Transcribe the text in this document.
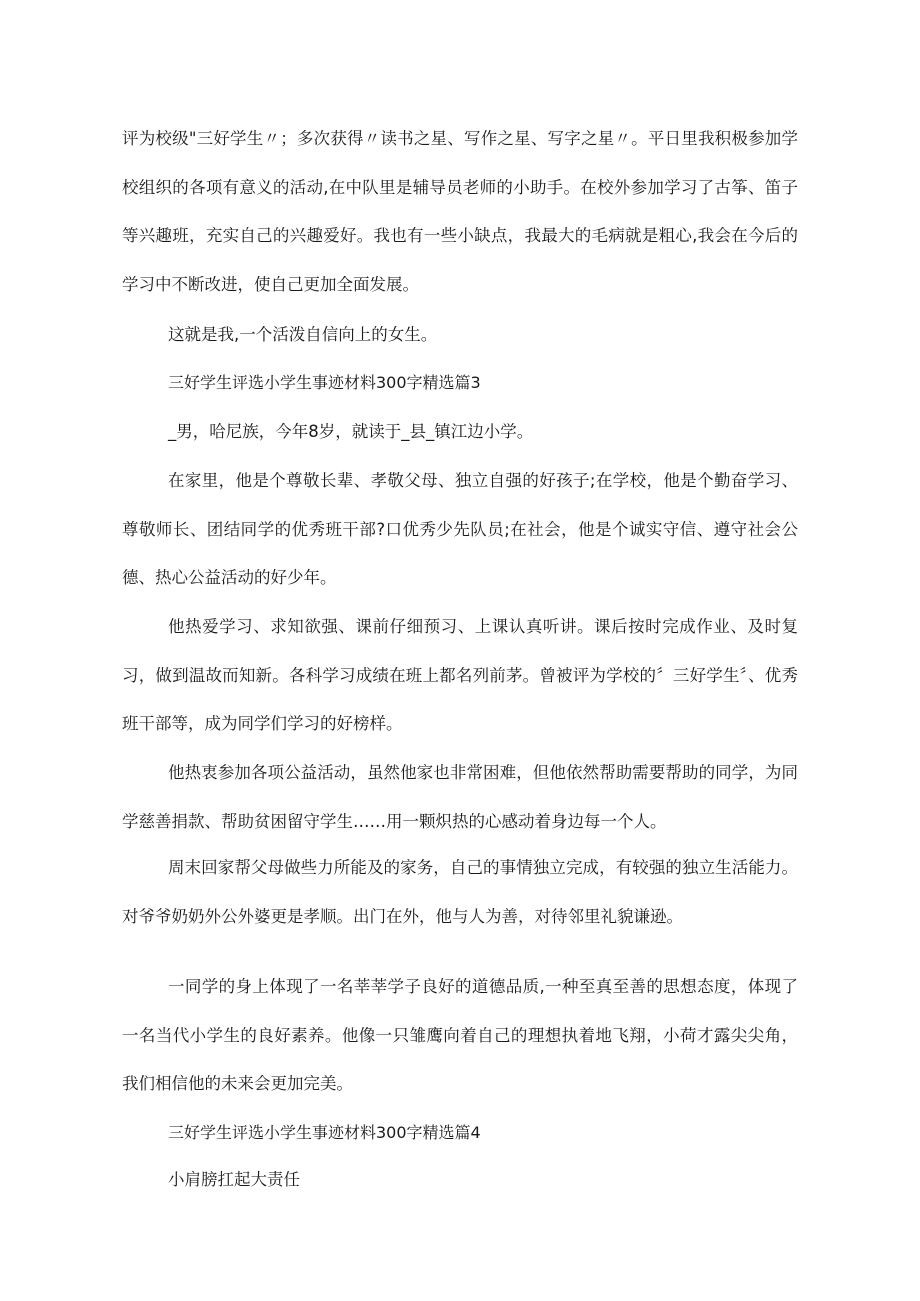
评为校级"三好学生〃；多次获得〃读书之星、写作之星、写字之星〃。平日里我积极参加学校组织的各项有意义的活动,在中队里是辅导员老师的小助手。在校外参加学习了古筝、笛子等兴趣班，充实自己的兴趣爱好。我也有一些小缺点，我最大的毛病就是粗心,我会在今后的学习中不断改进，使自己更加全面发展。

这就是我,一个活泼自信向上的女生。

三好学生评选小学生事迹材料300字精选篇3

_男，哈尼族，今年8岁，就读于_县_镇江边小学。

在家里，他是个尊敬长辈、孝敬父母、独立自强的好孩子;在学校，他是个勤奋学习、尊敬师长、团结同学的优秀班干部?口优秀少先队员;在社会，他是个诚实守信、遵守社会公德、热心公益活动的好少年。

他热爱学习、求知欲强、课前仔细预习、上课认真听讲。课后按时完成作业、及时复习，做到温故而知新。各科学习成绩在班上都名列前茅。曾被评为学校的〞三好学生〞、优秀班干部等，成为同学们学习的好榜样。

他热衷参加各项公益活动，虽然他家也非常困难，但他依然帮助需要帮助的同学，为同学慈善捐款、帮助贫困留守学生……用一颗炽热的心感动着身边每一个人。

周末回家帮父母做些力所能及的家务，自己的事情独立完成，有较强的独立生活能力。对爷爷奶奶外公外婆更是孝顺。出门在外，他与人为善，对待邻里礼貌谦逊。

一同学的身上体现了一名莘莘学子良好的道德品质,一种至真至善的思想态度，体现了一名当代小学生的良好素养。他像一只雏鹰向着自己的理想执着地飞翔，小荷才露尖尖角，我们相信他的未来会更加完美。

三好学生评选小学生事迹材料300字精选篇4

小肩膀扛起大责任
